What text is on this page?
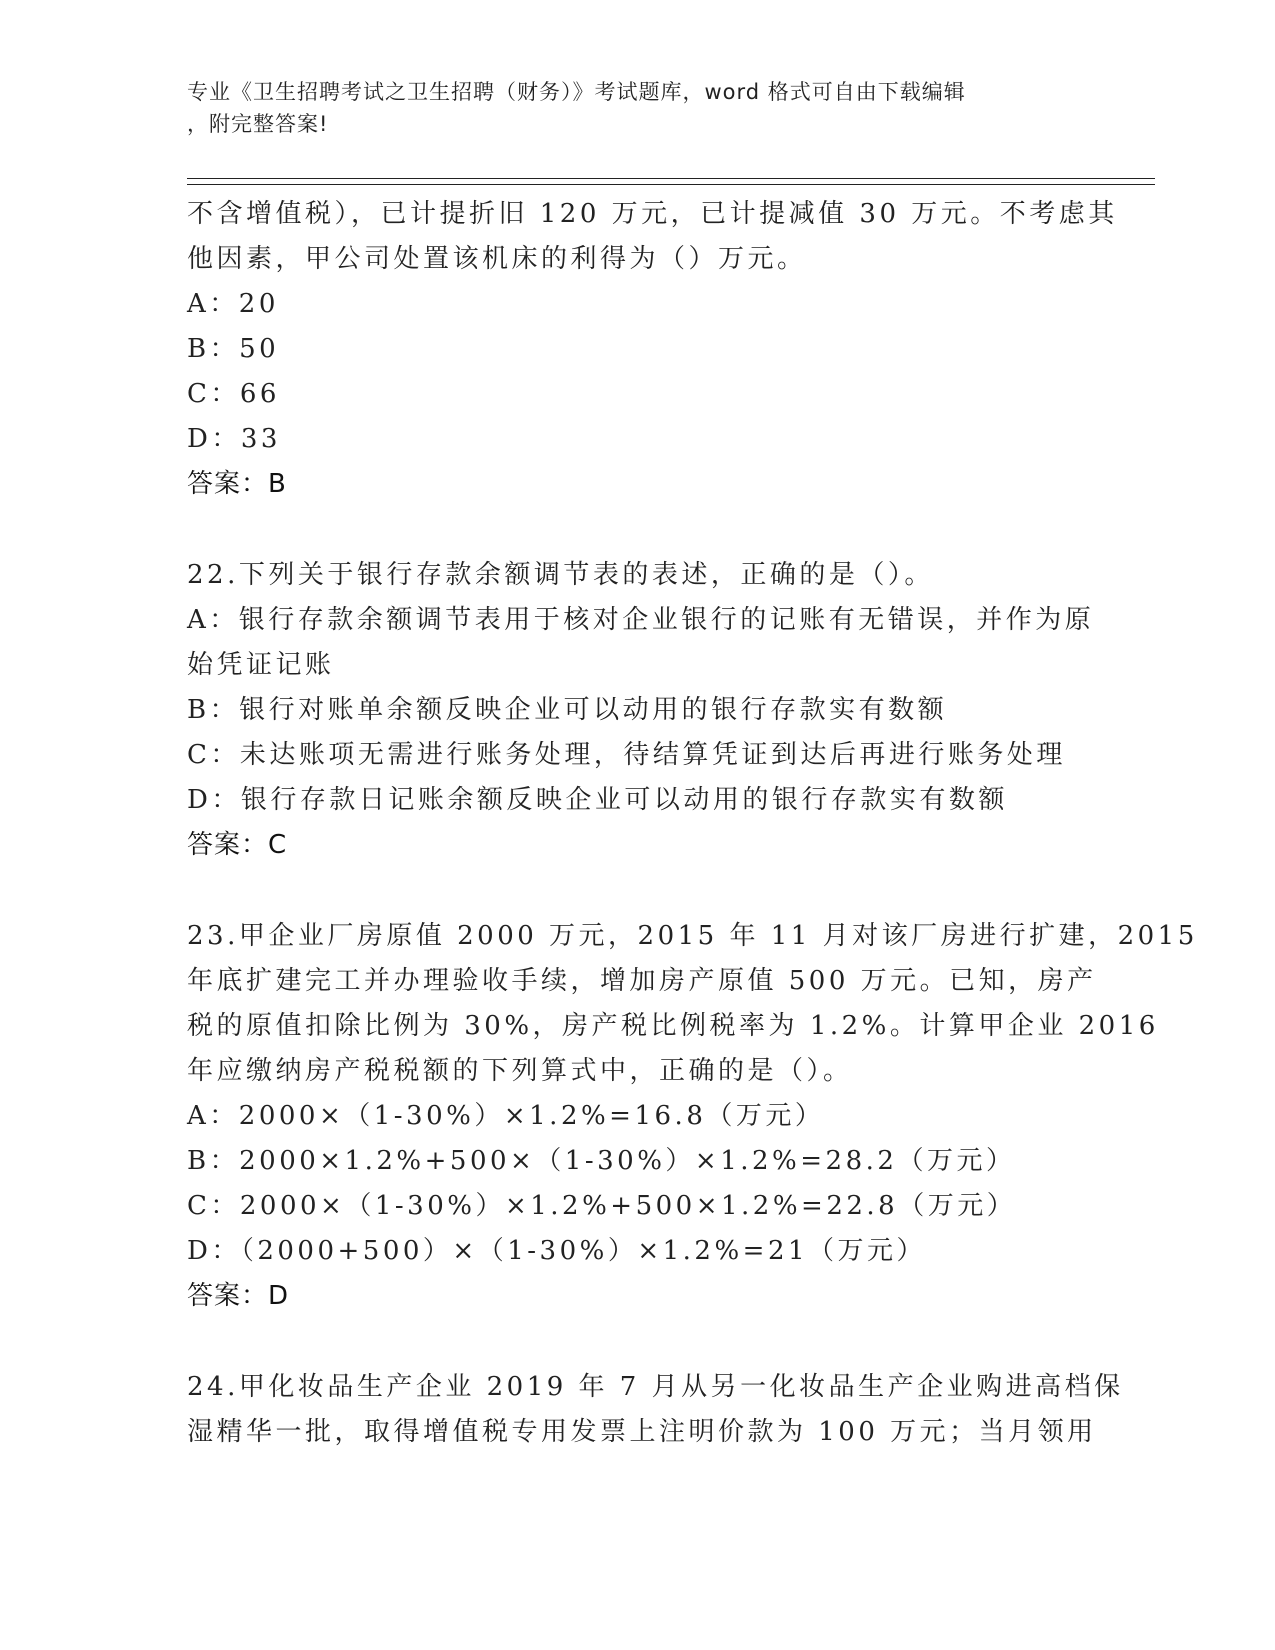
专业《卫生招聘考试之卫生招聘（财务）》考试题库，word 格式可自由下载编辑
，附完整答案!
不含增值税），已计提折旧 120 万元，已计提减值 30 万元。不考虑其
他因素，甲公司处置该机床的利得为（）万元。
A：20
B：50
C：66
D：33
答案：B
22.下列关于银行存款余额调节表的表述，正确的是（）。
A：银行存款余额调节表用于核对企业银行的记账有无错误，并作为原
始凭证记账
B：银行对账单余额反映企业可以动用的银行存款实有数额
C：未达账项无需进行账务处理，待结算凭证到达后再进行账务处理
D：银行存款日记账余额反映企业可以动用的银行存款实有数额
答案：C
23.甲企业厂房原值 2000 万元，2015 年 11 月对该厂房进行扩建，2015
年底扩建完工并办理验收手续，增加房产原值 500 万元。已知，房产
税的原值扣除比例为 30%，房产税比例税率为 1.2%。计算甲企业 2016
年应缴纳房产税税额的下列算式中，正确的是（）。
A：2000×（1-30%）×1.2%=16.8（万元）
B：2000×1.2%+500×（1-30%）×1.2%=28.2（万元）
C：2000×（1-30%）×1.2%+500×1.2%=22.8（万元）
D：（2000+500）×（1-30%）×1.2%=21（万元）
答案：D
24.甲化妆品生产企业 2019 年 7 月从另一化妆品生产企业购进高档保
湿精华一批，取得增值税专用发票上注明价款为 100 万元；当月领用
